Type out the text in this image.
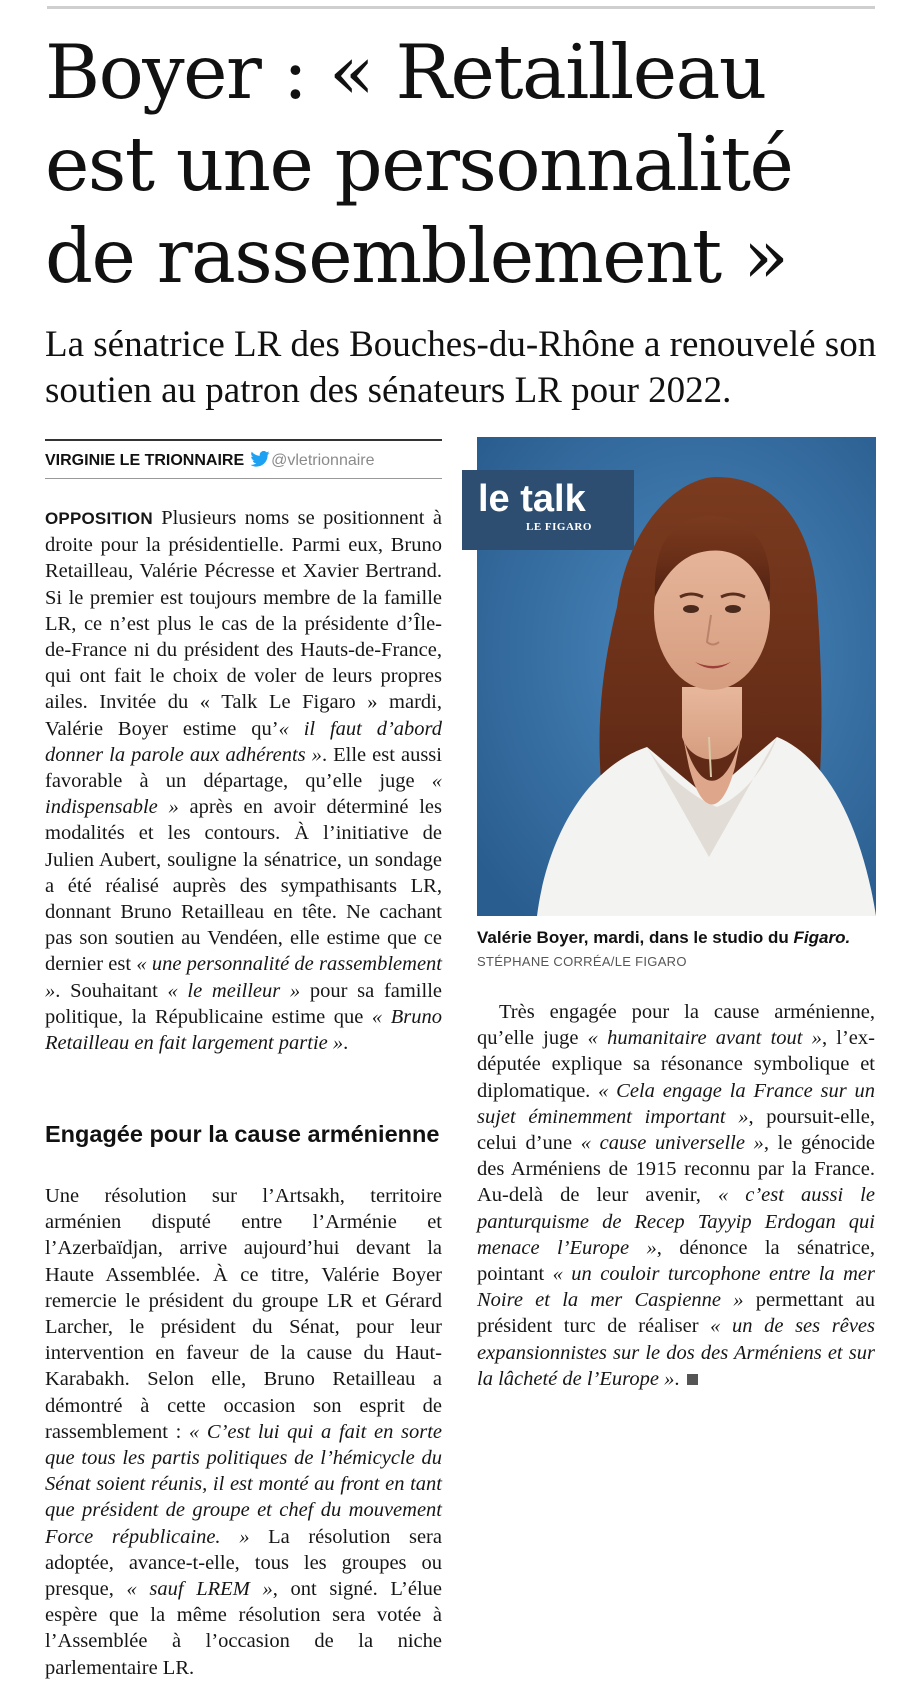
Boyer : « Retailleau est une personnalité de rassemblement »

La sénatrice LR des Bouches-du-Rhône a renouvelé son soutien au patron des sénateurs LR pour 2022.

VIRGINIE LE TRIONNAIRE @vletrionnaire

OPPOSITION Plusieurs noms se positionnent à droite pour la présidentielle. Parmi eux, Bruno Retailleau, Valérie Pécresse et Xavier Bertrand. Si le premier est toujours membre de la famille LR, ce n’est plus le cas de la présidente d’Île-de-France ni du président des Hauts-de-France, qui ont fait le choix de voler de leurs propres ailes. Invitée du « Talk Le Figaro » mardi, Valérie Boyer estime qu’« il faut d’abord donner la parole aux adhérents ». Elle est aussi favorable à un départage, qu’elle juge « indispensable » après en avoir déterminé les modalités et les contours. À l’initiative de Julien Aubert, souligne la sénatrice, un sondage a été réalisé auprès des sympathisants LR, donnant Bruno Retailleau en tête. Ne cachant pas son soutien au Vendéen, elle estime que ce dernier est « une personnalité de rassemblement ». Souhaitant « le meilleur » pour sa famille politique, la Républicaine estime que « Bruno Retailleau en fait largement partie ».

Engagée pour la cause arménienne

Une résolution sur l’Artsakh, territoire arménien disputé entre l’Arménie et l’Azerbaïdjan, arrive aujourd’hui devant la Haute Assemblée. À ce titre, Valérie Boyer remercie le président du groupe LR et Gérard Larcher, le président du Sénat, pour leur intervention en faveur de la cause du Haut-Karabakh. Selon elle, Bruno Retailleau a démontré à cette occasion son esprit de rassemblement : « C’est lui qui a fait en sorte que tous les partis politiques de l’hémicycle du Sénat soient réunis, il est monté au front en tant que président de groupe et chef du mouvement Force républicaine. » La résolution sera adoptée, avance-t-elle, tous les groupes ou presque, « sauf LREM », ont signé. L’élue espère que la même résolution sera votée à l’Assemblée à l’occasion de la niche parlementaire LR.

le talk
LE FIGARO

Valérie Boyer, mardi, dans le studio du Figaro. STÉPHANE CORRÉA/LE FIGARO

Très engagée pour la cause arménienne, qu’elle juge « humanitaire avant tout », l’ex-députée explique sa résonance symbolique et diplomatique. « Cela engage la France sur un sujet éminemment important », poursuit-elle, celui d’une « cause universelle », le génocide des Arméniens de 1915 reconnu par la France. Au-delà de leur avenir, « c’est aussi le panturquisme de Recep Tayyip Erdogan qui menace l’Europe », dénonce la sénatrice, pointant « un couloir turcophone entre la mer Noire et la mer Caspienne » permettant au président turc de réaliser « un de ses rêves expansionnistes sur le dos des Arméniens et sur la lâcheté de l’Europe ».
